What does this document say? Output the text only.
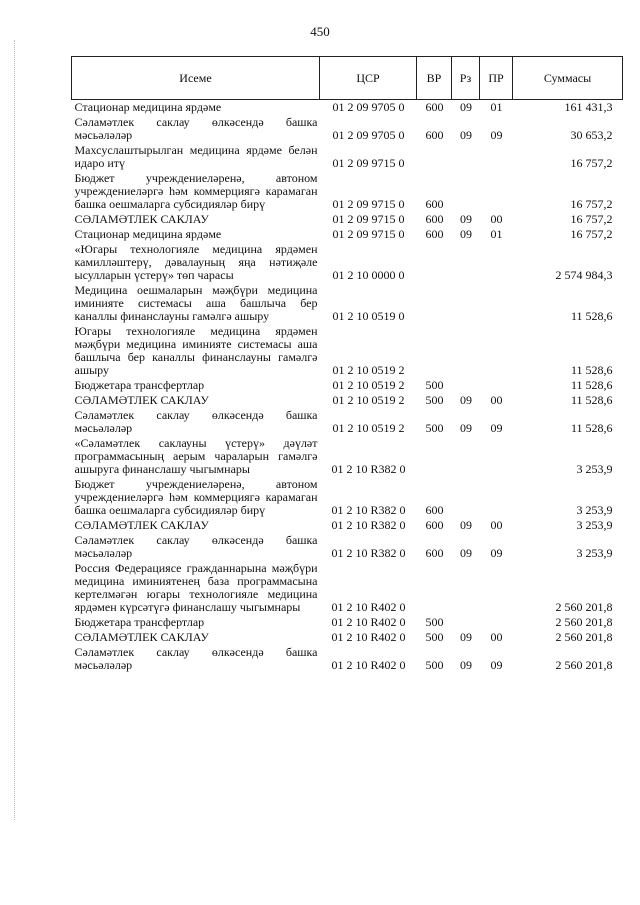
450
Исеме	ЦСР	ВР	Рз	ПР	Суммасы
Стационар медицина ярдәме	01 2 09 9705 0	600	09	01	161 431,3
Сәламәтлек саклау өлкәсендә башка мәсьәләләр	01 2 09 9705 0	600	09	09	30 653,2
Махсуслаштырылган медицина ярдәме белән идаро итү	01 2 09 9715 0				16 757,2
Бюджет учреждениеләренә, автоном учреждениеләргә һәм коммерциягә карамаган башка оешмаларга субсидияләр бирү	01 2 09 9715 0	600			16 757,2
СӘЛАМӘТЛЕК САКЛАУ	01 2 09 9715 0	600	09	00	16 757,2
Стационар медицина ярдәме	01 2 09 9715 0	600	09	01	16 757,2
«Югары технологияле медицина ярдәмен камилләштерү, дәвалауның яңа нәтиҗәле ысулларын үстерү» төп чарасы	01 2 10 0000 0				2 574 984,3
Медицина оешмаларын мәҗбүри медицина иминияте системасы аша башлыча бер каналлы финанслауны гамәлгә ашыру	01 2 10 0519 0				11 528,6
Югары технологияле медицина ярдәмен мәҗбүри медицина иминияте системасы аша башлыча бер каналлы финанслауны гамәлгә ашыру	01 2 10 0519 2				11 528,6
Бюджетара трансфертлар	01 2 10 0519 2	500			11 528,6
СӘЛАМӘТЛЕК САКЛАУ	01 2 10 0519 2	500	09	00	11 528,6
Сәламәтлек саклау өлкәсендә башка мәсьәләләр	01 2 10 0519 2	500	09	09	11 528,6
«Сәламәтлек саклауны үстерү» дәүләт программасының аерым чараларын гамәлгә ашыруга финанслашу чыгымнары	01 2 10 R382 0				3 253,9
Бюджет учреждениеләренә, автоном учреждениеләргә һәм коммерциягә карамаган башка оешмаларга субсидияләр бирү	01 2 10 R382 0	600			3 253,9
СӘЛАМӘТЛЕК САКЛАУ	01 2 10 R382 0	600	09	00	3 253,9
Сәламәтлек саклау өлкәсендә башка мәсьәләләр	01 2 10 R382 0	600	09	09	3 253,9
Россия Федерациясе гражданнарына мәҗбүри медицина иминиятенең база программасына кертелмәгән югары технологияле медицина ярдәмен күрсәтүгә финанслашу чыгымнары	01 2 10 R402 0				2 560 201,8
Бюджетара трансфертлар	01 2 10 R402 0	500			2 560 201,8
СӘЛАМӘТЛЕК САКЛАУ	01 2 10 R402 0	500	09	00	2 560 201,8
Сәламәтлек саклау өлкәсендә башка мәсьәләләр	01 2 10 R402 0	500	09	09	2 560 201,8
